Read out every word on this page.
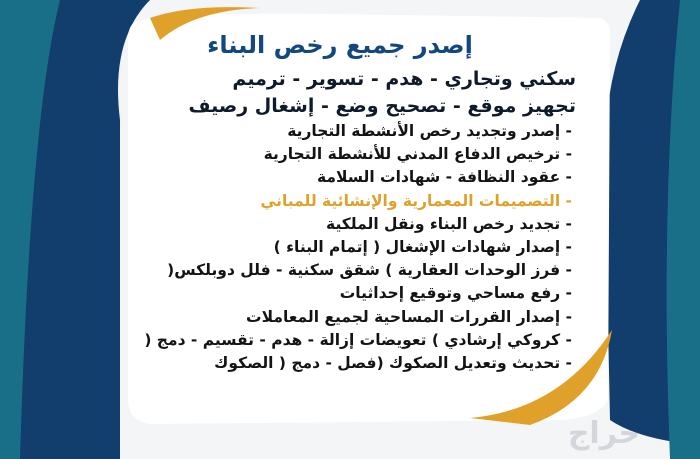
إصدر جميع رخص البناء
سكني وتجاري - هدم - تسوير - ترميم
تجهيز موقع - تصحيح وضع - إشغال رصيف
- إصدر وتجديد رخص الأنشطة التجارية
- ترخيص الدفاع المدني للأنشطة التجارية
- عقود النظافة - شهادات السلامة
- التصميمات المعمارية والإنشائية للمباني
- تجديد رخص البناء ونقل الملكية
- إصدار شهادات الإشغال ( إتمام البناء )
- فرز الوحدات العقارية ) شقق سكنية - فلل دوبلكس(
- رفع مساحي وتوقيع إحداثيات
- إصدار القررات المساحية لجميع المعاملات
- كروكي إرشادي ) تعويضات إزالة - هدم - تقسيم - دمج (
- تحديث وتعديل الصكوك (فصل - دمج ( الصكوك
حراج
